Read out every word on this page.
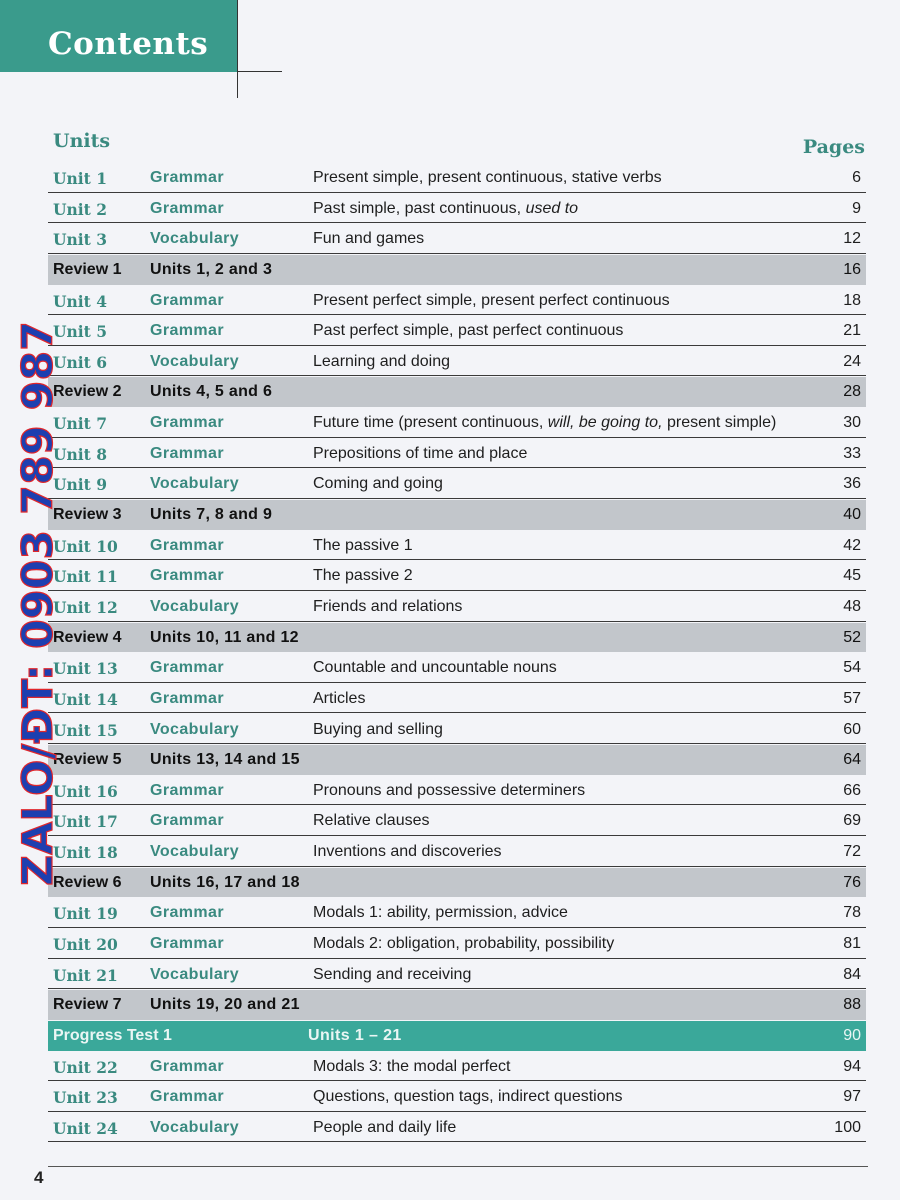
Contents
Units	Pages
Unit 1	Grammar	Present simple, present continuous, stative verbs	6
Unit 2	Grammar	Past simple, past continuous, used to	9
Unit 3	Vocabulary	Fun and games	12
Review 1 Units 1, 2 and 3	16
Unit 4	Grammar	Present perfect simple, present perfect continuous	18
Unit 5	Grammar	Past perfect simple, past perfect continuous	21
Unit 6	Vocabulary	Learning and doing	24
Review 2 Units 4, 5 and 6	28
Unit 7	Grammar	Future time (present continuous, will, be going to, present simple)	30
Unit 8	Grammar	Prepositions of time and place	33
Unit 9	Vocabulary	Coming and going	36
Review 3 Units 7, 8 and 9	40
Unit 10 Grammar	The passive 1	42
Unit 11 Grammar	The passive 2	45
Unit 12 Vocabulary	Friends and relations	48
Review 4 Units 10, 11 and 12	52
Unit 13 Grammar	Countable and uncountable nouns	54
Unit 14 Grammar	Articles	57
Unit 15 Vocabulary	Buying and selling	60
Review 5 Units 13, 14 and 15	64
Unit 16 Grammar	Pronouns and possessive determiners	66
Unit 17 Grammar	Relative clauses	69
Unit 18 Vocabulary	Inventions and discoveries	72
Review 6 Units 16, 17 and 18	76
Unit 19 Grammar	Modals 1: ability, permission, advice	78
Unit 20 Grammar	Modals 2: obligation, probability, possibility	81
Unit 21 Vocabulary	Sending and receiving	84
Review 7 Units 19, 20 and 21	88
Progress Test 1	Units 1 – 21	90
Unit 22 Grammar	Modals 3: the modal perfect	94
Unit 23 Grammar	Questions, question tags, indirect questions	97
Unit 24 Vocabulary	People and daily life	100
4
ZALO/ĐT: 0903 789 987
